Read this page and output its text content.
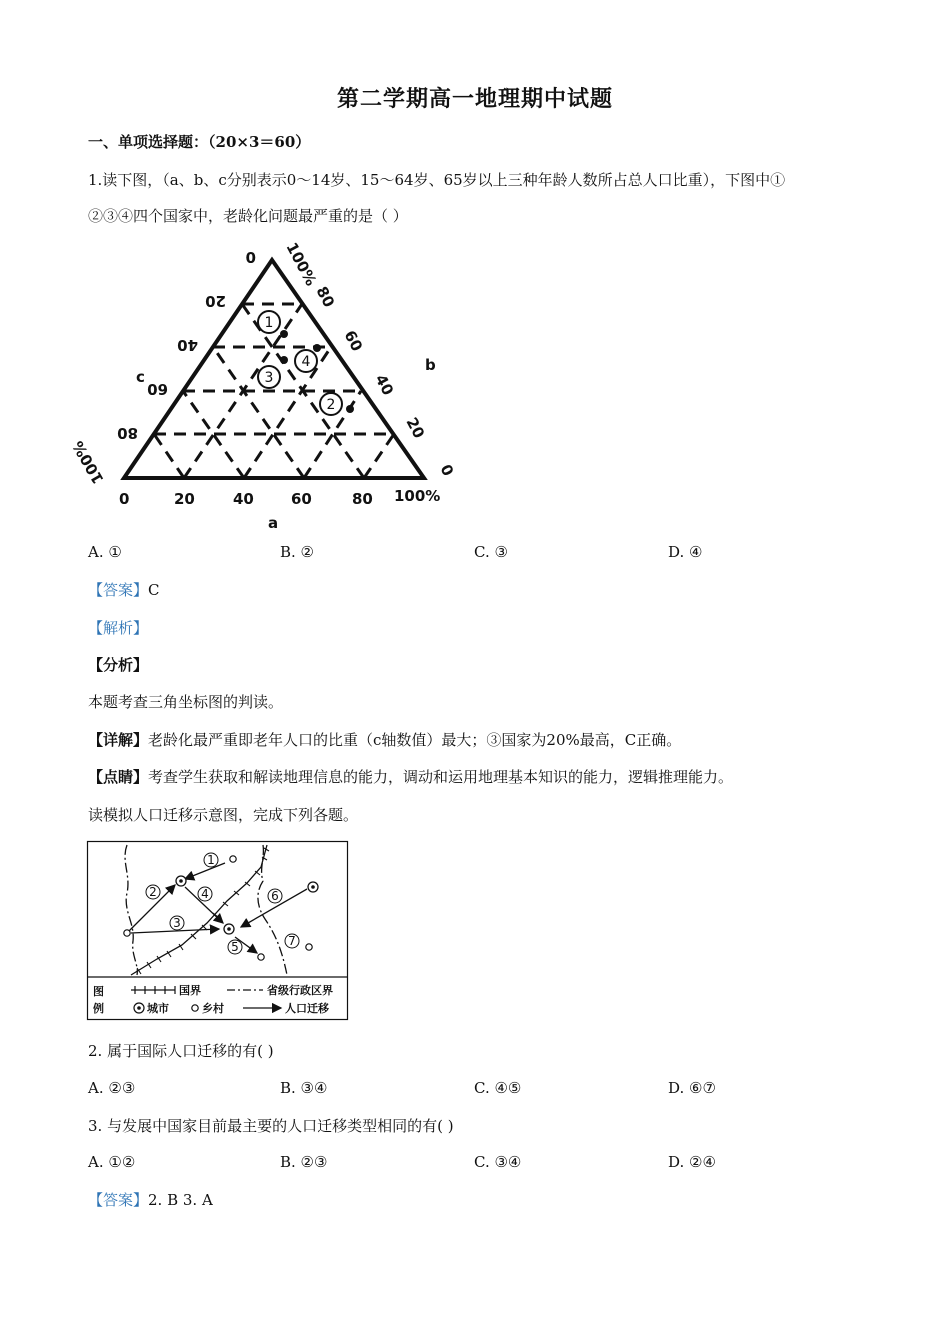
第二学期高一地理期中试题
一、单项选择题：（20×3＝60）
1.读下图，（a、b、c分别表示0～14岁、15～64岁、65岁以上三种年龄人数所占总人口比重），下图中①
②③④四个国家中，老龄化问题最严重的是（ ）
1
4
3
2
0	20	40 60	80 100%
a
100%
80
60
40
20
0
b
0
20
40
60
80
100%
c
A. ①	B. ②	C. ③	D. ④
【答案】C
【解析】
【分析】
本题考查三角坐标图的判读。
【详解】老龄化最严重即老年人口的比重（c轴数值）最大；③国家为20%最高，C正确。
【点睛】考查学生获取和解读地理信息的能力，调动和运用地理基本知识的能力，逻辑推理能力。
读模拟人口迁移示意图，完成下列各题。
1
2
3
4
5
6
7
图
例
国界	省级行政区界
城市	乡村	人口迁移
2. 属于国际人口迁移的有( )
A. ②③	B. ③④	C. ④⑤	D. ⑥⑦
3. 与发展中国家目前最主要的人口迁移类型相同的有( )
A. ①②	B. ②③	C. ③④	D. ②④
【答案】2. B 3. A
